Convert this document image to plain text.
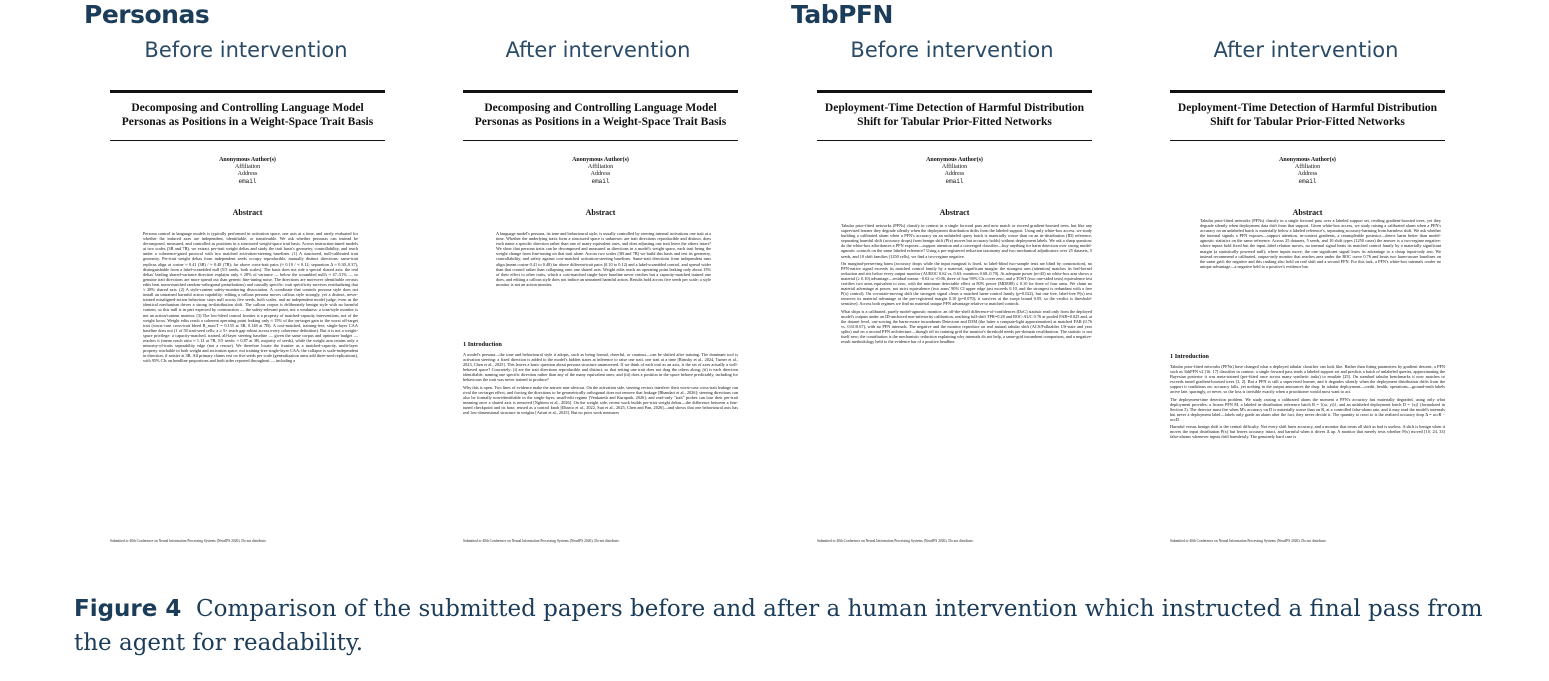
Personas	TabPFN
Before intervention	After intervention	Before intervention	After intervention
Decomposing and Controlling Language Model Personas as Positions in a Weight-Space Trait Basis
Anonymous Author(s)
Affiliation
Address
email
Abstract

Persona control in language models is typically performed in activation space, one axis at a time, and rarely evaluated for whether the induced axes are independent, identifiable, or transferable. We ask whether personas can instead be decomposed, measured, and controlled as positions in a structured weight-space trait basis. Across instruction-tuned models at two scales (3B and 7B), we extract per-trait weight deltas and study the trait basis's geometry, controllability, and reach under a coherence-gated protocol with two matched activation-steering baselines. (1) A structured, null-calibrated trait geometry. Per-trait weight deltas from independent seeds occupy reproducible, mutually distinct directions: same-trait replicas align at cosine ≈ 0.41 (3B) / ≈ 0.48 (7B); far above cross-trait pairs (≈ 0.10 / ≈ 0.12; separation Δ ≈ 0.30–0.37), distinguishable from a label-scrambled null (5/5 seeds, both scales). The basis does not ride a special shared axis: the real deltas' leading shared-variance direction explains only ≈ 28% of variance — below the scrambled null's ≈ 47–51% — so genuine trait directions are more spread out than generic fine-tuning noise. The directions are moreover identifiable on-axis edits beat norm-matched random-orthogonal perturbations) and causally specific: trait specificity survives residualizing that ≈ 28% shared axis. (2) A style-content safety-monitoring dissociation. A coordinate that controls persona style does not install an untrained harmful action capability: editing a callous persona moves callous style strongly, yet a distinct, never-trained misaligned-action behaviour stays null across five seeds, both scales, and an independent model judge, even as the identical mechanism drives a strong in-distribution shift. The callous corpus is deliberately benign style with no harmful content, so this null is in part expected by construction — the safety-relevant point, not a weakness: a tone/style monitor is not an action/content monitor. (3) The low-bleed control frontier is a property of matched-capacity interventions, not of the weight locus. Weight edits reach a coherent operating point leaking only ≈ 15% of the on-target gain to the worst off-target trait (worst-case cross-trait bleed B_max/T = 0.155 at 3B, 0.148 at 7B). A cost-matched, training-free, single-layer CAA baseline does not (1 of 50 trait-seed cells; a ≥ 5× reach gap robust across every coherence definition). But it is not a weight-space privilege: a capacity-matched, trained, all-layer steering baseline — given the same corpus and optimizer budget — reaches it (mean reach ratio ≈ 1.12 at 7B, 5/5 seeds; ≈ 0.87 at 3B, majority of seeds), while the weight arm retains only a minority-of-traits separability edge (not a rescue). We therefore locate the frontier as a matched-capacity, multi-layer property reachable in both weight and activation space, not training-free single-layer CAA; the collapse is scale-independent in direction, if noisier at 3B. All primary claims rest on five seeds per scale (generalization arms add three-seed replications), with 95% CIs on headline proportions and both sides reported throughout — including a

Submitted to 40th Conference on Neural Information Processing Systems (NeurIPS 2026). Do not distribute.
Decomposing and Controlling Language Model Personas as Positions in a Weight-Space Trait Basis
Anonymous Author(s)
Affiliation
Address
email
Abstract

A language model's persona, its tone and behavioural style, is usually controlled by steering internal activations one trait at a time. Whether the underlying traits form a structured space is unknown: are trait directions reproducible and distinct, does each name a specific direction rather than one of many equivalent ones, and does adjusting one trait leave the others intact? We show that persona traits can be decomposed and measured as directions in a model's weight space, each trait being the weight change from fine-tuning on that trait alone. Across two scales (3B and 7B) we build this basis and test its geometry, controllability, and safety against cost-matched activation-steering baselines. Same-trait directions from independent runs align (mean cosine 0.41 to 0.48) far above different-trait pairs (0.10 to 0.12) and a label-scrambled control, and spread wider than that control rather than collapsing onto one shared axis. Weight edits reach an operating point leaking only about 15% of their effect to other traits, which a cost-matched single-layer baseline never reaches but a capacity-matched trained one does, and editing a callous style does not induce an untrained harmful action. Results hold across five seeds per scale; a style monitor is not an action monitor.

1 Introduction

A model's persona—the tone and behavioural style it adopts, such as being formal, cheerful, or cautious—can be shifted after training. The dominant tool is activation steering: a fixed direction is added to the model's hidden states at inference to raise one trait, one trait at a time [Rimsky et al., 2024, Turner et al., 2023, Chen et al., 2025]. This leaves a basic question about persona structure unanswered. If we think of each trait as an axis, is the set of axes actually a well-behaved space? Concretely: (i) are the trait directions reproducible and distinct, so that setting one trait does not drag the others along; (ii) is each direction identifiable, naming one specific direction rather than any of the many equivalent ones; and (iii) does a position in the space behave predictably, including for behaviours the trait was never trained to produce?

Why this is open. Two lines of evidence make the answer non-obvious. On the activation side, steering vectors interfere: their worst-case cross-trait leakage can rival the on-target effect, and forcing the directions to be geometrically orthogonal does not remove that leakage [Bhandari et al., 2026]; steering directions can also be formally non-identifiable in the single-layer, small-edit regime [Venkatesh and Kurapath, 2026]; and read-only "trait" probes can lose their per-trait meaning once a shared axis is removed [Nghiem et al., 2026]. On the weight side, recent work builds per-trait weight deltas—the difference between a fine-tuned checkpoint and its base, reused as a control knob [Ilharco et al., 2022, Sun et al., 2025, Chen and Pan, 2026]—and shows that one behavioural axis has real low-dimensional structure in weights [Arturi et al., 2025]. But no prior work measures

Submitted to 40th Conference on Neural Information Processing Systems (NeurIPS 2026). Do not distribute.
Deployment-Time Detection of Harmful Distribution Shift for Tabular Prior-Fitted Networks
Anonymous Author(s)
Affiliation
Address
email
Abstract

Tabular prior-fitted networks (PFNs) classify in context in a single forward pass and now match or exceed gradient-boosted trees, but like any supervised learner they degrade silently when the deployment distribution drifts from the labeled support. Using only white-box access, we study building a calibrated alarm when a PFN's accuracy on an unlabeled query batch is materially worse than on an in-distribution (ID) reference, separating harmful shift (accuracy drops) from benign shift (P(x) moves but accuracy holds) without deployment labels. We ask a sharp question: do the white-box affordances a PFN exposes—support attention and a converged classifier—buy anything for harm detection over strong model-agnostic controls on the same labeled reference? Using a pre-registered reduction taxonomy and two mechanical adjudicators over 25 datasets, 5 seeds, and 10 shift families (1250 cells), we find a two-regime negative.

On marginal-preserving harm (accuracy drops while the input marginal is fixed, so label-blind two-sample tests are blind by construction), no PFN-native signal exceeds its matched control family by a material, significant margin: the strongest arm (attention) matches its leaf-kernel reduction and sits below every output monitor (AUROC 0.62 vs. 0.63; monitors 0.68–0.70). At adequate power (n≈43) no white-box arm shows a material (≥ 0.10) advantage—residual means −0.02 to +0.06, three of four 90% CIs cover zero, and a TOST (two one-sided tests) equivalence test certifies two arms equivalent to zero, with the minimum detectable effect at 80% power (MDE80) ≤ 0.10 for three of four arms. We claim no material advantage at power, not strict equivalence (two arms' 90% CI upper edge just exceeds 0.10, and the strongest is redundant with a free P(x) control). On covariate-moving shift the strongest signal clears a matched harm-control family (p=0.022), but one free, label-free P(x) test removes its material advantage at the pre-registered margin 0.10 (p=0.070); it survives at the swept bound 0.05, so the verdict is threshold-sensitive). Across both regimes we find no material unique PFN advantage relative to matched controls.

What ships is a calibrated, purely model-agnostic monitor: an off-the-shelf difference-of-confidences (DoC) statistic read only from the deployed model's outputs under an ID-anchored non-inferiority calibration, reaching full-shift TPR=0.28 and ROC-AUC 0.76 at pooled FAR=0.025 and, at the dataset level, out-scoring the harm-aware incumbents Detectron and D3M (the latter a compute-light approximation) at matched FAR (0.76 vs. 0.61/0.67), with no PFN internals. The negative and the monitor reproduce on real natural tabular shift (ACS/Folktables US-state and year splits) and on a second PFN architecture—though off its training grid the monitor's threshold needs per-domain recalibration. The statistic is not itself new; the contribution is the mechanistic reduction explaining why internals do not help, a same-grid incumbent comparison, and a negative-result methodology held to the evidence bar of a positive headline.

Submitted to 40th Conference on Neural Information Processing Systems (NeurIPS 2026). Do not distribute.
Deployment-Time Detection of Harmful Distribution Shift for Tabular Prior-Fitted Networks
Anonymous Author(s)
Affiliation
Address
email
Abstract

Tabular prior-fitted networks (PFNs) classify in a single forward pass over a labeled support set, rivaling gradient-boosted trees, yet they degrade silently when deployment data drift from that support. Given white-box access, we study raising a calibrated alarm when a PFN's accuracy on an unlabeled batch is materially below a labeled reference's, separating accuracy-harming from harmless shift. We ask whether the internal signals a PFN exposes—support attention, in-context gradients, a resampleable posterior—detect harm better than model-agnostic statistics on the same reference. Across 25 datasets, 5 seeds, and 10 shift types (1250 cases) the answer is a two-regime negative: where inputs hold fixed but the input–label relation moves, no internal signal beats its matched control family by a materially significant margin (a statistically powered null); where inputs move, the one significant signal loses its advantage to a cheap input-only test. We instead recommend a calibrated, output-only monitor that reaches area under the ROC curve 0.76 and beats two harm-aware baselines on the same grid; the negative and this ranking also hold on real shift and a second PFN. For this task, a PFN's white-box internals confer no unique advantage—a negative held to a positive's evidence bar.

1 Introduction

Tabular prior-fitted networks (PFNs) have changed what a deployed tabular classifier can look like. Rather than fitting parameters by gradient descent, a PFN such as TabPFN v2 [16, 17] classifies in context: a single forward pass reads a labeled support set and predicts a batch of unlabeled queries, approximating the Bayesian posterior it was meta-trained (pre-fitted once across many synthetic tasks) to emulate [25]. On standard tabular benchmarks it now matches or exceeds tuned gradient-boosted trees [3, 2]. But a PFN is still a supervised learner, and it degrades silently when the deployment distribution drifts from the support it conditions on: accuracy falls, yet nothing in the output announces the drop. In tabular deployment—credit, health, operations—ground-truth labels arrive late, sparingly, or never, so the loss is invisible exactly when a practitioner would most want to act.

The deployment-time detection problem. We study raising a calibrated alarm the moment a PFN's accuracy has materially degraded, using only what deployment provides: a frozen PFN M, a labeled in-distribution reference batch R = {(xi, yi)}, and an unlabeled deployment batch D = {xj} (formalized in Section 3). The detector must fire when M's accuracy on D is materially worse than on R, at a controlled false-alarm rate, and it may read the model's internals but never a deployment label—labels only grade an alarm after the fact, they never decide it. The quantity to react to is the realized accuracy drop Δ = accR − accD.

Harmful versus benign shift is the central difficulty. Not every shift hurts accuracy, and a monitor that treats all shift as bad is useless. A shift is benign when it moves the input distribution P(x) but leaves accuracy intact, and harmful when it drives Δ up. A monitor that merely tests whether P(x) moved [10, 24, 33] false-alarms whenever inputs drift harmlessly. The genuinely hard case is

Submitted to 40th Conference on Neural Information Processing Systems (NeurIPS 2026). Do not distribute.
Figure 4 Comparison of the submitted papers before and after a human intervention which instructed a final pass from the agent for readability.
